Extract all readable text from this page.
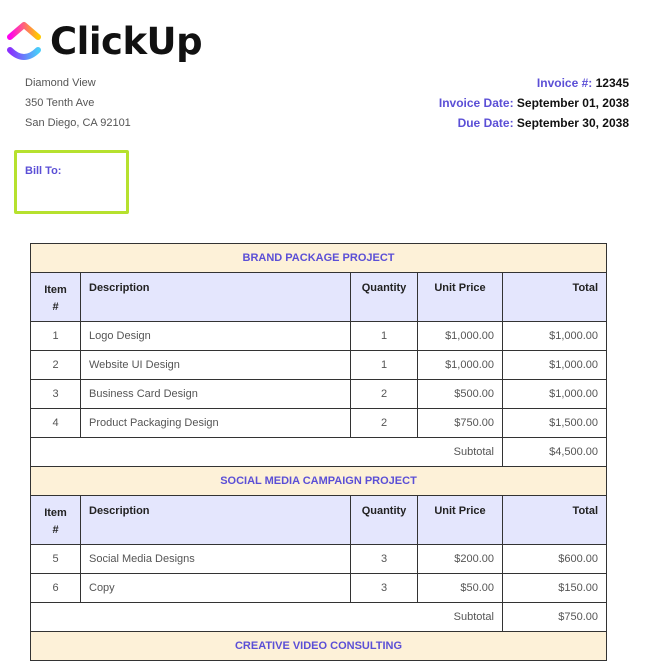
ClickUp
Diamond View
350 Tenth Ave
San Diego, CA 92101
Invoice #: 12345
Invoice Date: September 01, 2038
Due Date: September 30, 2038
Bill To:
BRAND PACKAGE PROJECT				
Item
#	Description	Quantity	Unit Price	Total
1	Logo Design	1	$1,000.00	$1,000.00
2	Website UI Design	1	$1,000.00	$1,000.00
3	Business Card Design	2	$500.00	$1,000.00
4	Product Packaging Design	2	$750.00	$1,500.00
Subtotal				$4,500.00
SOCIAL MEDIA CAMPAIGN PROJECT				
Item
#	Description	Quantity	Unit Price	Total
5	Social Media Designs	3	$200.00	$600.00
6	Copy	3	$50.00	$150.00
Subtotal				$750.00
CREATIVE VIDEO CONSULTING				
